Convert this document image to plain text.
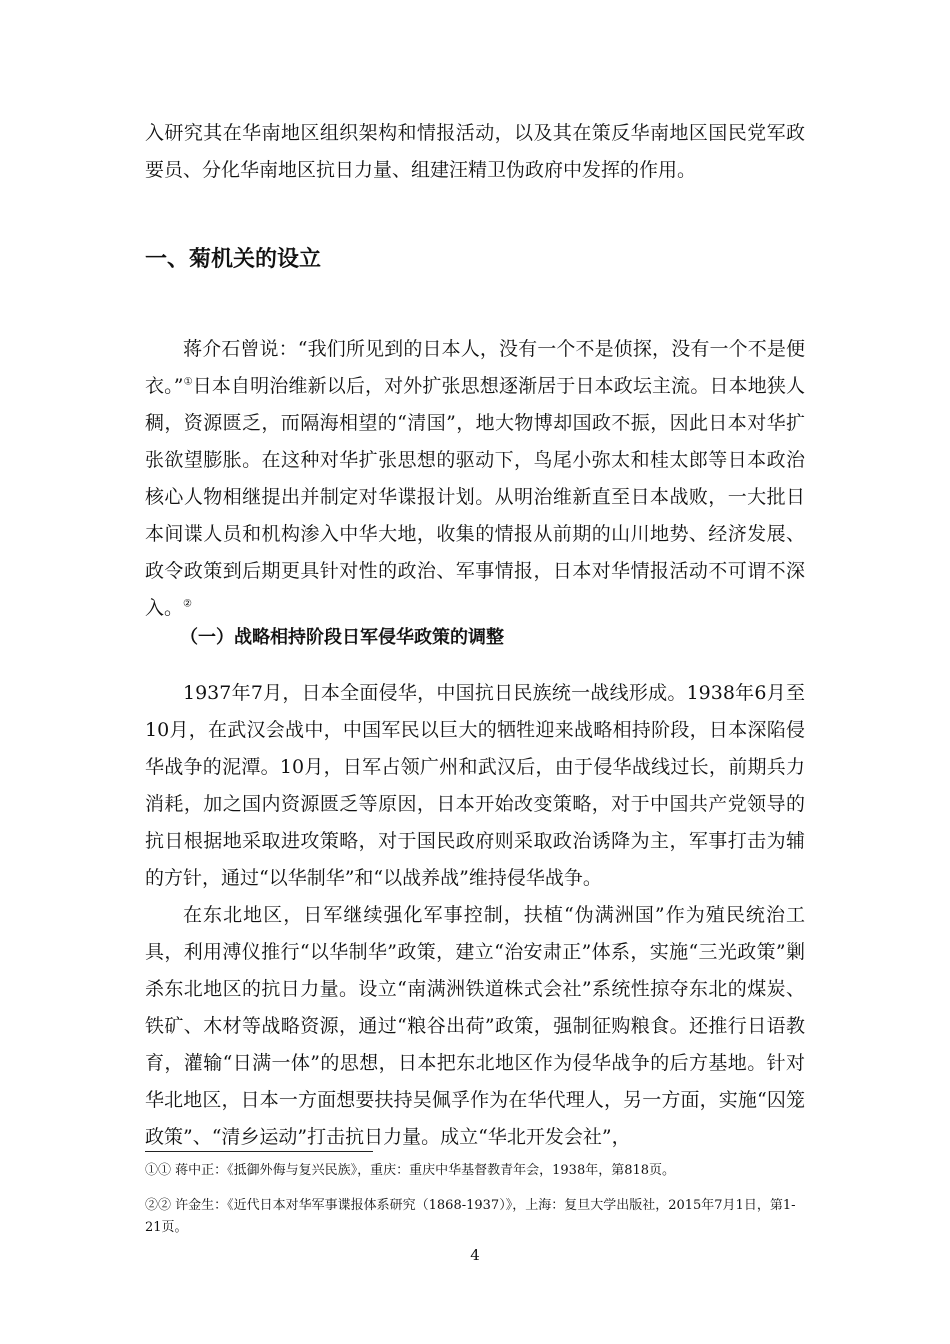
入研究其在华南地区组织架构和情报活动，以及其在策反华南地区国民党军政要员、分化华南地区抗日力量、组建汪精卫伪政府中发挥的作用。

一、菊机关的设立

蒋介石曾说：“我们所见到的日本人，没有一个不是侦探，没有一个不是便衣。”①日本自明治维新以后，对外扩张思想逐渐居于日本政坛主流。日本地狭人稠，资源匮乏，而隔海相望的“清国”，地大物博却国政不振，因此日本对华扩张欲望膨胀。在这种对华扩张思想的驱动下，鸟尾小弥太和桂太郎等日本政治核心人物相继提出并制定对华谍报计划。从明治维新直至日本战败，一大批日本间谍人员和机构渗入中华大地，收集的情报从前期的山川地势、经济发展、政令政策到后期更具针对性的政治、军事情报，日本对华情报活动不可谓不深入。②

（一）战略相持阶段日军侵华政策的调整

1937年7月，日本全面侵华，中国抗日民族统一战线形成。1938年6月至10月，在武汉会战中，中国军民以巨大的牺牲迎来战略相持阶段，日本深陷侵华战争的泥潭。10月，日军占领广州和武汉后，由于侵华战线过长，前期兵力消耗，加之国内资源匮乏等原因，日本开始改变策略，对于中国共产党领导的抗日根据地采取进攻策略，对于国民政府则采取政治诱降为主，军事打击为辅的方针，通过“以华制华”和“以战养战”维持侵华战争。

在东北地区，日军继续强化军事控制，扶植“伪满洲国”作为殖民统治工具，利用溥仪推行“以华制华”政策，建立“治安肃正”体系，实施“三光政策”剿杀东北地区的抗日力量。设立“南满洲铁道株式会社”系统性掠夺东北的煤炭、铁矿、木材等战略资源，通过“粮谷出荷”政策，强制征购粮食。还推行日语教育，灌输“日满一体”的思想，日本把东北地区作为侵华战争的后方基地。针对华北地区，日本一方面想要扶持吴佩孚作为在华代理人，另一方面，实施“囚笼政策”、“清乡运动”打击抗日力量。成立“华北开发会社”，

①① 蒋中正：《抵御外侮与复兴民族》，重庆：重庆中华基督教青年会，1938年，第818页。

②② 许金生：《近代日本对华军事谍报体系研究（1868-1937）》，上海：复旦大学出版社，2015年7月1日，第1-21页。

4
